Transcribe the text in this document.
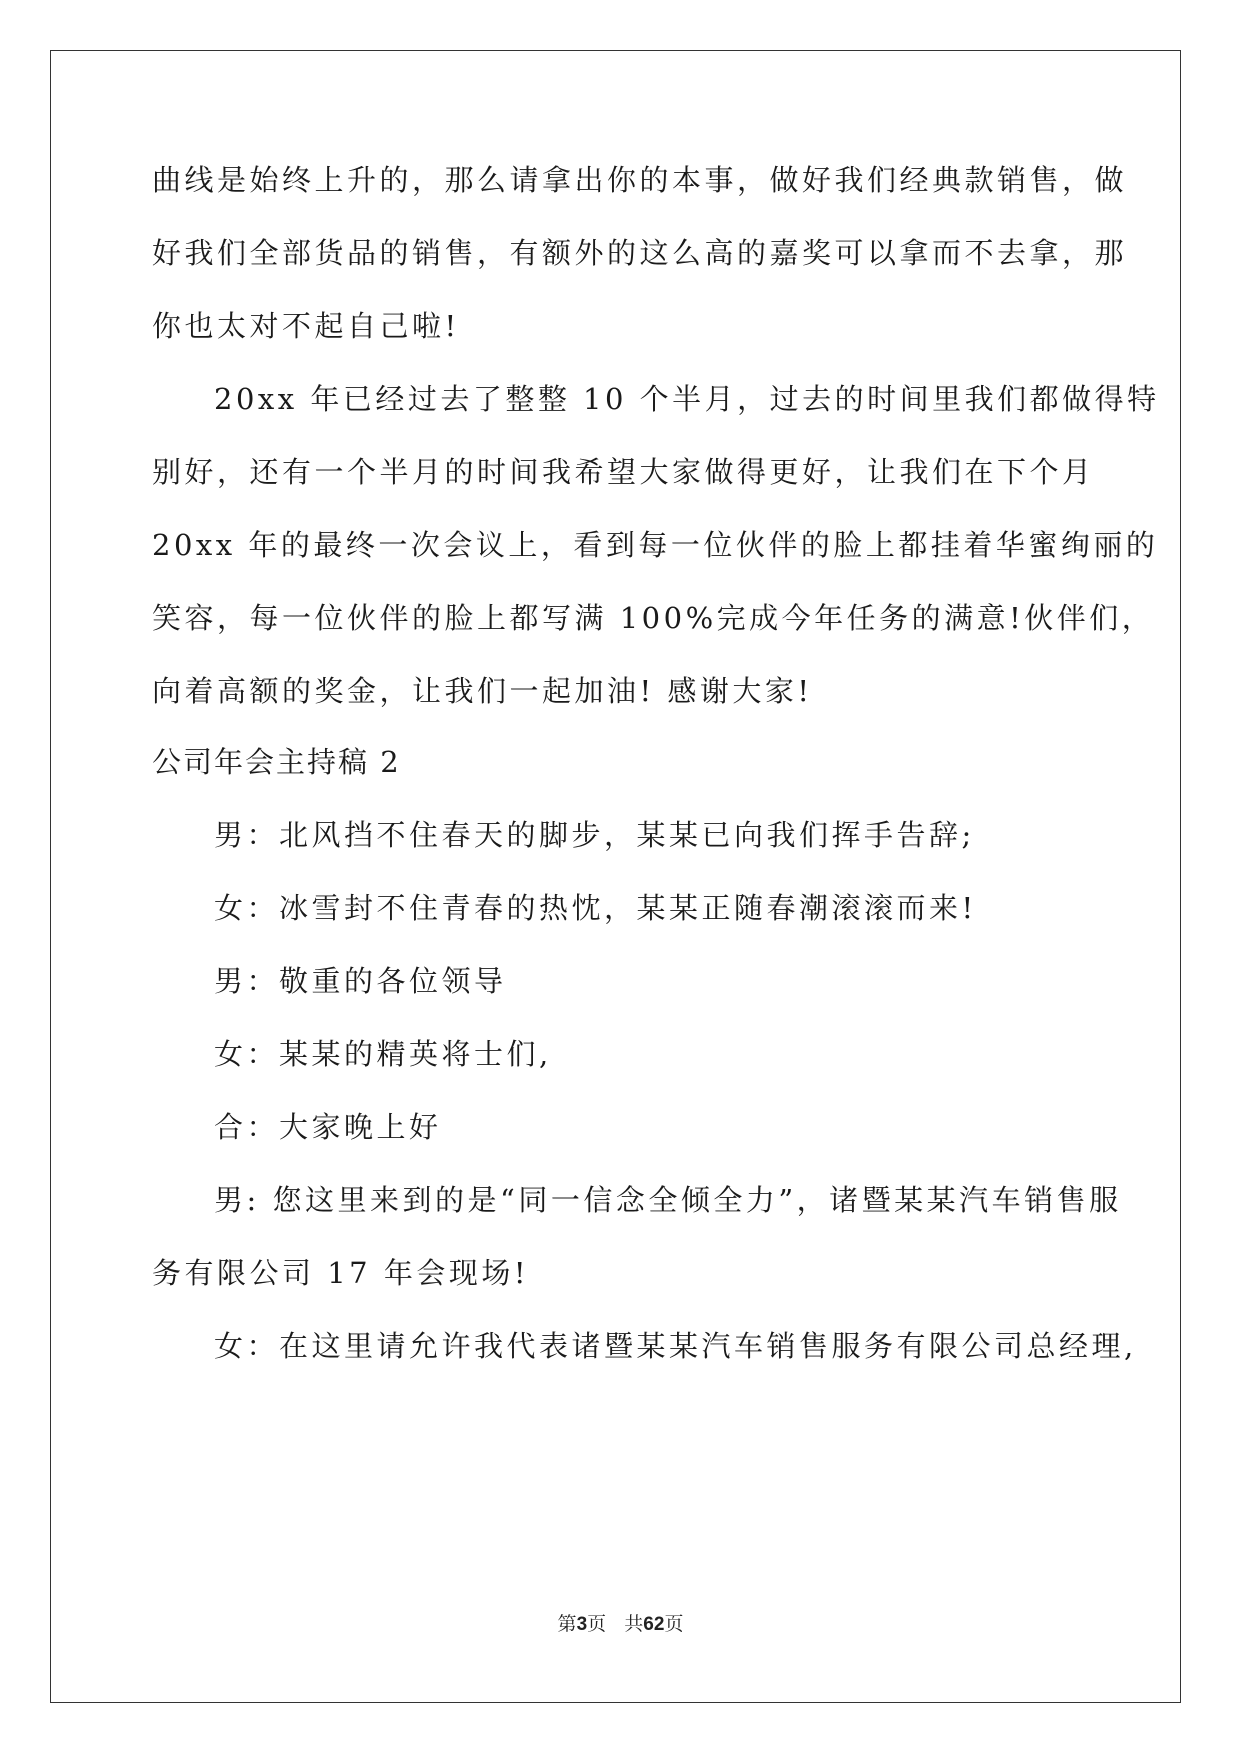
曲线是始终上升的，那么请拿出你的本事，做好我们经典款销售，做
好我们全部货品的销售，有额外的这么高的嘉奖可以拿而不去拿，那
你也太对不起自己啦!
20xx 年已经过去了整整 10 个半月，过去的时间里我们都做得特
别好，还有一个半月的时间我希望大家做得更好，让我们在下个月
20xx 年的最终一次会议上，看到每一位伙伴的脸上都挂着华蜜绚丽的
笑容，每一位伙伴的脸上都写满 100%完成今年任务的满意!伙伴们，
向着高额的奖金，让我们一起加油! 感谢大家!
公司年会主持稿 2
男：北风挡不住春天的脚步，某某已向我们挥手告辞;
女：冰雪封不住青春的热忱，某某正随春潮滚滚而来!
男：敬重的各位领导
女：某某的精英将士们,
合：大家晚上好
男: 您这里来到的是“同一信念全倾全力”，诸暨某某汽车销售服
务有限公司 17 年会现场!
女：在这里请允许我代表诸暨某某汽车销售服务有限公司总经理,
第3页 共62页
